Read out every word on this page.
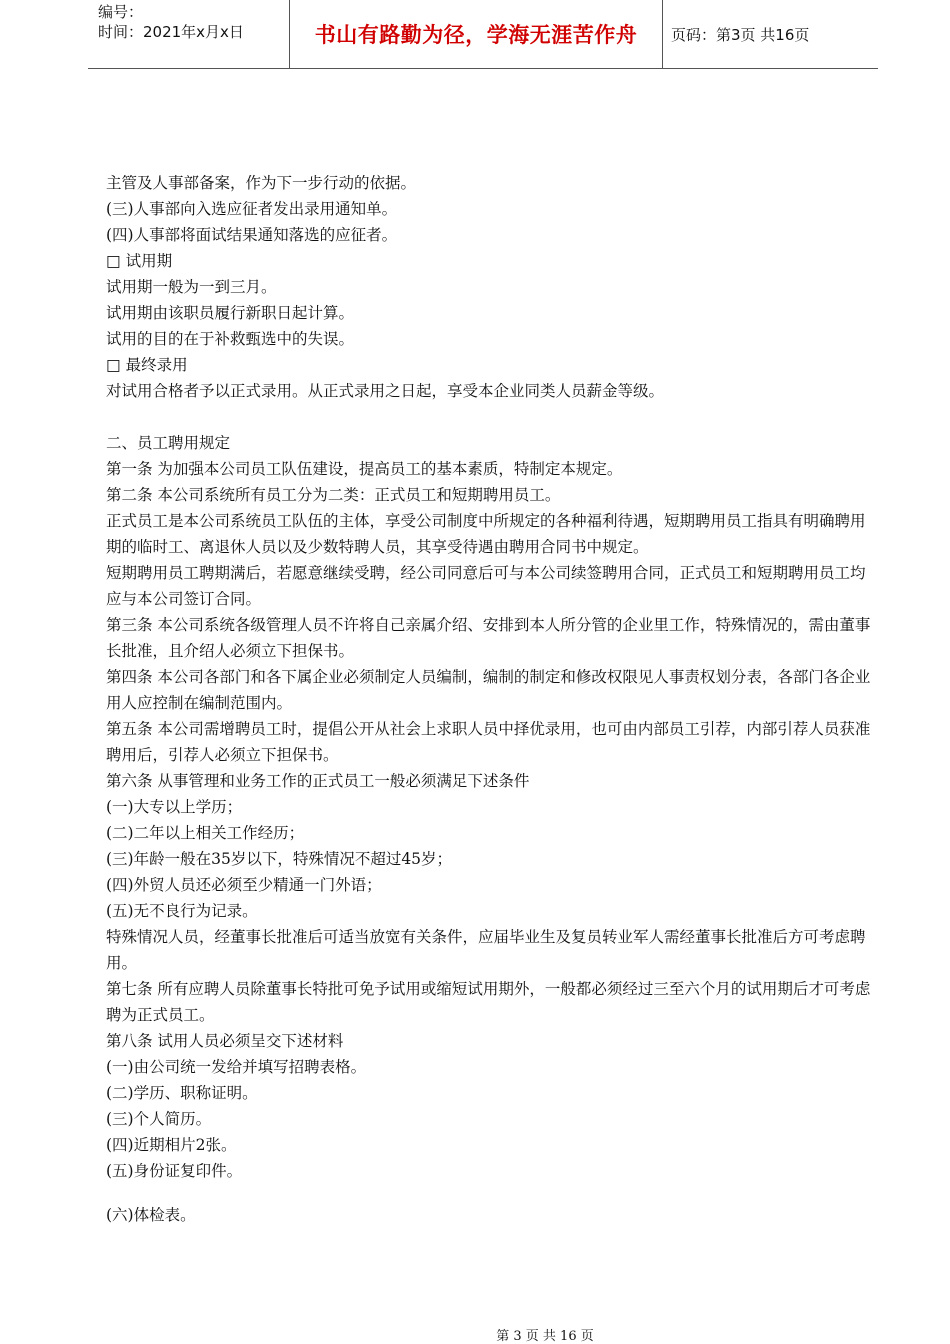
编号：
时间：2021年x月x日	书山有路勤为径，学海无涯苦作舟	页码：第3页 共16页

主管及人事部备案，作为下一步行动的依据。

(三)人事部向入选应征者发出录用通知单。

(四)人事部将面试结果通知落选的应征者。

□ 试用期

试用期一般为一到三月。

试用期由该职员履行新职日起计算。

试用的目的在于补救甄选中的失误。

□ 最终录用

对试用合格者予以正式录用。从正式录用之日起，享受本企业同类人员薪金等级。

二、员工聘用规定

第一条 为加强本公司员工队伍建设，提高员工的基本素质，特制定本规定。

第二条 本公司系统所有员工分为二类：正式员工和短期聘用员工。

正式员工是本公司系统员工队伍的主体，享受公司制度中所规定的各种福利待遇，短期聘用员工指具有明确聘用期的临时工、离退休人员以及少数特聘人员，其享受待遇由聘用合同书中规定。

短期聘用员工聘期满后，若愿意继续受聘，经公司同意后可与本公司续签聘用合同，正式员工和短期聘用员工均应与本公司签订合同。

第三条 本公司系统各级管理人员不许将自己亲属介绍、安排到本人所分管的企业里工作，特殊情况的，需由董事长批准，且介绍人必须立下担保书。

第四条 本公司各部门和各下属企业必须制定人员编制，编制的制定和修改权限见人事责权划分表，各部门各企业用人应控制在编制范围内。

第五条 本公司需增聘员工时，提倡公开从社会上求职人员中择优录用，也可由内部员工引荐，内部引荐人员获准聘用后，引荐人必须立下担保书。

第六条 从事管理和业务工作的正式员工一般必须满足下述条件

(一)大专以上学历；

(二)二年以上相关工作经历；

(三)年龄一般在35岁以下，特殊情况不超过45岁；

(四)外贸人员还必须至少精通一门外语；

(五)无不良行为记录。

特殊情况人员，经董事长批准后可适当放宽有关条件，应届毕业生及复员转业军人需经董事长批准后方可考虑聘用。

第七条 所有应聘人员除董事长特批可免予试用或缩短试用期外，一般都必须经过三至六个月的试用期后才可考虑聘为正式员工。

第八条 试用人员必须呈交下述材料

(一)由公司统一发给并填写招聘表格。

(二)学历、职称证明。

(三)个人简历。

(四)近期相片2张。

(五)身份证复印件。

(六)体检表。

第 3 页 共 16 页
